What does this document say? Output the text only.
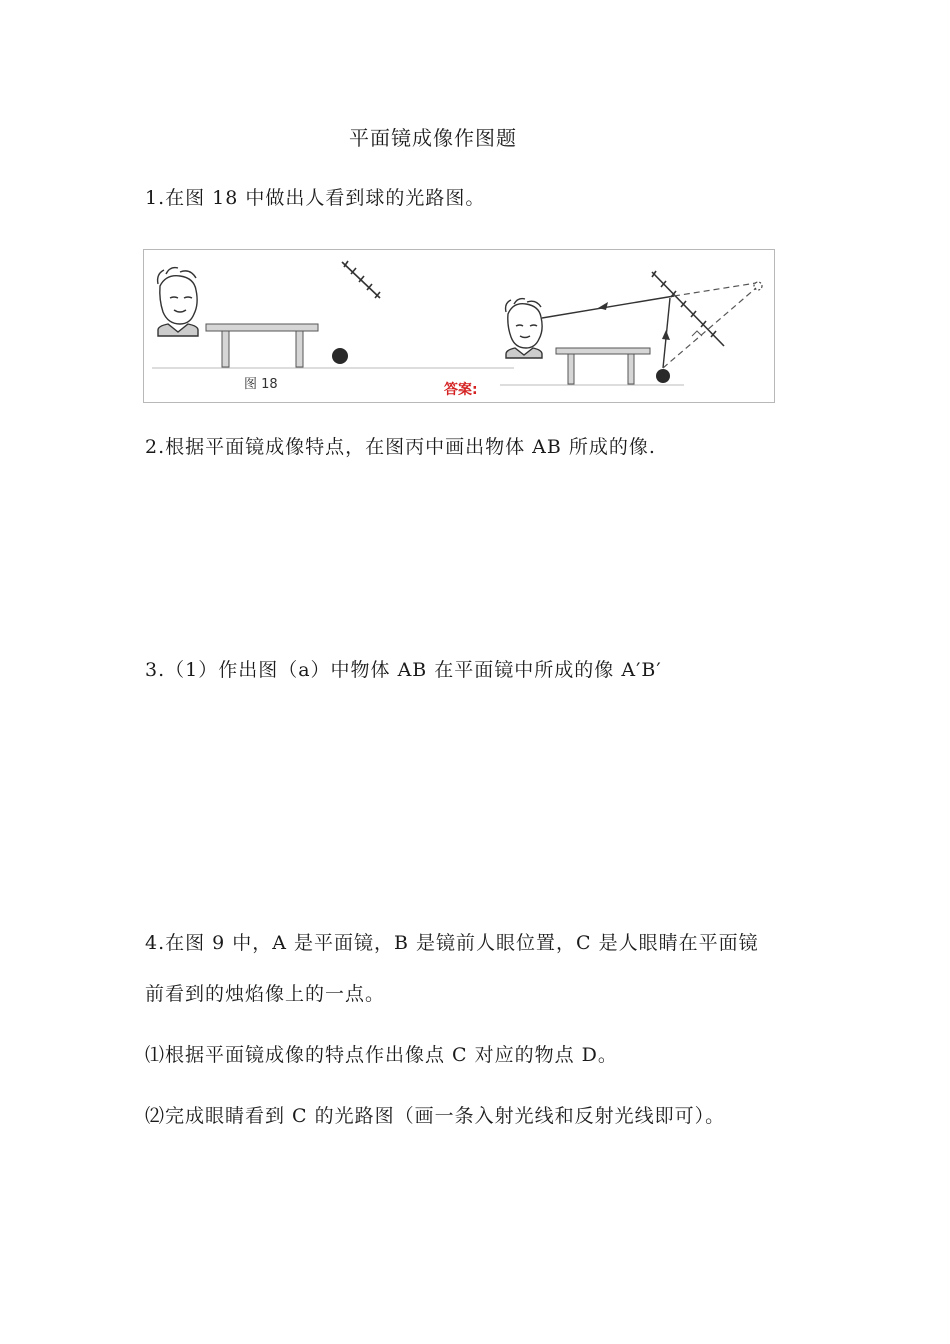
平面镜成像作图题
1.在图 18 中做出人看到球的光路图。
图 18	答案:
2.根据平面镜成像特点，在图丙中画出物体 AB 所成的像.
3.（1）作出图（a）中物体 AB 在平面镜中所成的像 A′B′
4.在图 9 中，A 是平面镜，B 是镜前人眼位置，C 是人眼睛在平面镜
前看到的烛焰像上的一点。
⑴根据平面镜成像的特点作出像点 C 对应的物点 D。
⑵完成眼睛看到 C 的光路图（画一条入射光线和反射光线即可）。
